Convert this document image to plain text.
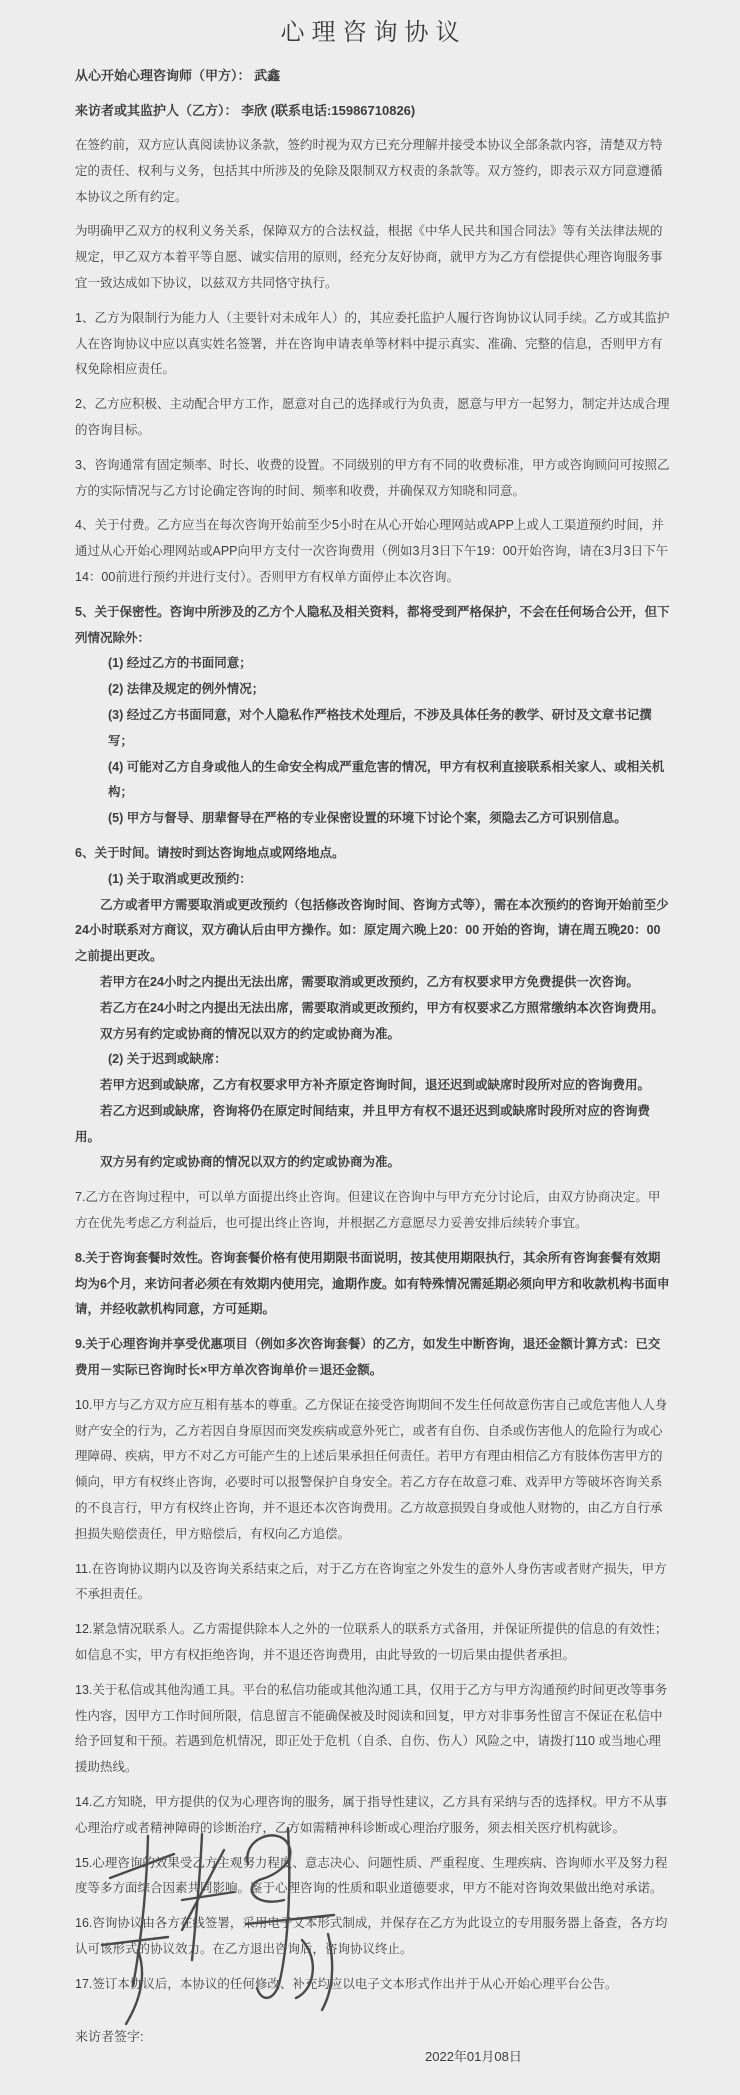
心理咨询协议

从心开始心理咨询师（甲方）： 武鑫

来访者或其监护人（乙方）： 李欣 (联系电话:15986710826)

在签约前，双方应认真阅读协议条款，签约时视为双方已充分理解并接受本协议全部条款内容，清楚双方特定的责任、权利与义务，包括其中所涉及的免除及限制双方权责的条款等。双方签约，即表示双方同意遵循本协议之所有约定。

为明确甲乙双方的权利义务关系，保障双方的合法权益，根据《中华人民共和国合同法》等有关法律法规的规定，甲乙双方本着平等自愿、诚实信用的原则，经充分友好协商，就甲方为乙方有偿提供心理咨询服务事宜一致达成如下协议，以兹双方共同恪守执行。

1、乙方为限制行为能力人（主要针对未成年人）的，其应委托监护人履行咨询协议认同手续。乙方或其监护人在咨询协议中应以真实姓名签署，并在咨询申请表单等材料中提示真实、准确、完整的信息，否则甲方有权免除相应责任。

2、乙方应积极、主动配合甲方工作，愿意对自己的选择或行为负责，愿意与甲方一起努力，制定并达成合理的咨询目标。

3、咨询通常有固定频率、时长、收费的设置。不同级别的甲方有不同的收费标准，甲方或咨询顾问可按照乙方的实际情况与乙方讨论确定咨询的时间、频率和收费，并确保双方知晓和同意。

4、关于付费。乙方应当在每次咨询开始前至少5小时在从心开始心理网站或APP上或人工渠道预约时间，并通过从心开始心理网站或APP向甲方支付一次咨询费用（例如3月3日下午19：00开始咨询，请在3月3日下午14：00前进行预约并进行支付）。否则甲方有权单方面停止本次咨询。

5、关于保密性。咨询中所涉及的乙方个人隐私及相关资料，都将受到严格保护，不会在任何场合公开，但下列情况除外：

(1) 经过乙方的书面同意；

(2) 法律及规定的例外情况；

(3) 经过乙方书面同意，对个人隐私作严格技术处理后，不涉及具体任务的教学、研讨及文章书记撰写；

(4) 可能对乙方自身或他人的生命安全构成严重危害的情况，甲方有权利直接联系相关家人、或相关机构；

(5) 甲方与督导、朋辈督导在严格的专业保密设置的环境下讨论个案，须隐去乙方可识别信息。

6、关于时间。请按时到达咨询地点或网络地点。

(1) 关于取消或更改预约：

乙方或者甲方需要取消或更改预约（包括修改咨询时间、咨询方式等），需在本次预约的咨询开始前至少24小时联系对方商议，双方确认后由甲方操作。如：原定周六晚上20：00 开始的咨询，请在周五晚20：00 之前提出更改。

若甲方在24小时之内提出无法出席，需要取消或更改预约，乙方有权要求甲方免费提供一次咨询。

若乙方在24小时之内提出无法出席，需要取消或更改预约，甲方有权要求乙方照常缴纳本次咨询费用。

双方另有约定或协商的情况以双方的约定或协商为准。

(2) 关于迟到或缺席：

若甲方迟到或缺席，乙方有权要求甲方补齐原定咨询时间，退还迟到或缺席时段所对应的咨询费用。

若乙方迟到或缺席，咨询将仍在原定时间结束，并且甲方有权不退还迟到或缺席时段所对应的咨询费用。

双方另有约定或协商的情况以双方的约定或协商为准。

7.乙方在咨询过程中，可以单方面提出终止咨询。但建议在咨询中与甲方充分讨论后，由双方协商决定。甲方在优先考虑乙方利益后，也可提出终止咨询，并根据乙方意愿尽力妥善安排后续转介事宜。

8.关于咨询套餐时效性。咨询套餐价格有使用期限书面说明，按其使用期限执行，其余所有咨询套餐有效期均为6个月，来访问者必须在有效期内使用完，逾期作废。如有特殊情况需延期必须向甲方和收款机构书面申请，并经收款机构同意，方可延期。

9.关于心理咨询并享受优惠项目（例如多次咨询套餐）的乙方，如发生中断咨询，退还金额计算方式：已交费用－实际已咨询时长×甲方单次咨询单价＝退还金额。

10.甲方与乙方双方应互相有基本的尊重。乙方保证在接受咨询期间不发生任何故意伤害自己或危害他人人身财产安全的行为，乙方若因自身原因而突发疾病或意外死亡，或者有自伤、自杀或伤害他人的危险行为或心理障碍、疾病，甲方不对乙方可能产生的上述后果承担任何责任。若甲方有理由相信乙方有肢体伤害甲方的倾向，甲方有权终止咨询，必要时可以报警保护自身安全。若乙方存在故意刁难、戏弄甲方等破坏咨询关系的不良言行，甲方有权终止咨询，并不退还本次咨询费用。乙方故意损毁自身或他人财物的，由乙方自行承担损失赔偿责任，甲方赔偿后，有权向乙方追偿。

11.在咨询协议期内以及咨询关系结束之后，对于乙方在咨询室之外发生的意外人身伤害或者财产损失，甲方不承担责任。

12.紧急情况联系人。乙方需提供除本人之外的一位联系人的联系方式备用，并保证所提供的信息的有效性；如信息不实，甲方有权拒绝咨询，并不退还咨询费用，由此导致的一切后果由提供者承担。

13.关于私信或其他沟通工具。平台的私信功能或其他沟通工具，仅用于乙方与甲方沟通预约时间更改等事务性内容，因甲方工作时间所限，信息留言不能确保被及时阅读和回复，甲方对非事务性留言不保证在私信中给予回复和干预。若遇到危机情况，即正处于危机（自杀、自伤、伤人）风险之中，请拨打110 或当地心理援助热线。

14.乙方知晓，甲方提供的仅为心理咨询的服务，属于指导性建议，乙方具有采纳与否的选择权。甲方不从事心理治疗或者精神障碍的诊断治疗，乙方如需精神科诊断或心理治疗服务，须去相关医疗机构就诊。

15.心理咨询的效果受乙方主观努力程度、意志决心、问题性质、严重程度、生理疾病、咨询师水平及努力程度等多方面综合因素共同影响。鉴于心理咨询的性质和职业道德要求，甲方不能对咨询效果做出绝对承诺。

16.咨询协议由各方在线签署，采用电子文本形式制成，并保存在乙方为此设立的专用服务器上备查，各方均认可该形式的协议效力。在乙方退出咨询后，咨询协议终止。

17.签订本协议后，本协议的任何修改、补充均应以电子文本形式作出并于从心开始心理平台公告。

来访者签字:

2022年01月08日
